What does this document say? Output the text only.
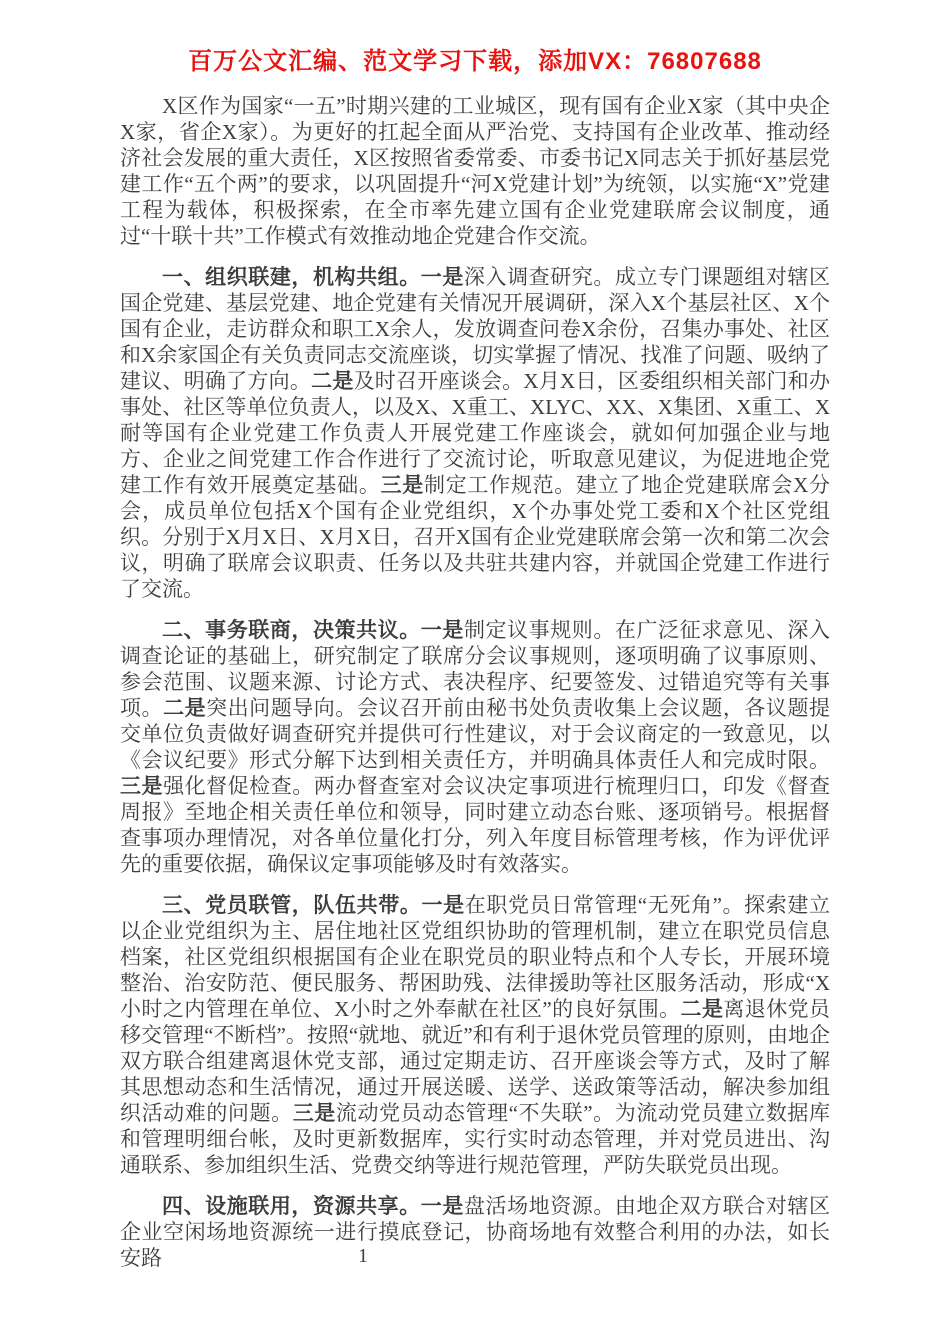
百万公文汇编、范文学习下载，添加VX：76807688

X区作为国家“一五”时期兴建的工业城区，现有国有企业X家（其中央企X家，省企X家）。为更好的扛起全面从严治党、支持国有企业改革、推动经济社会发展的重大责任，X区按照省委常委、市委书记X同志关于抓好基层党建工作“五个两”的要求，以巩固提升“河X党建计划”为统领，以实施“X”党建工程为载体，积极探索，在全市率先建立国有企业党建联席会议制度，通过“十联十共”工作模式有效推动地企党建合作交流。

一、组织联建，机构共组。一是深入调查研究。成立专门课题组对辖区国企党建、基层党建、地企党建有关情况开展调研，深入X个基层社区、X个国有企业，走访群众和职工X余人，发放调查问卷X余份，召集办事处、社区和X余家国企有关负责同志交流座谈，切实掌握了情况、找准了问题、吸纳了建议、明确了方向。二是及时召开座谈会。X月X日，区委组织相关部门和办事处、社区等单位负责人，以及X、X重工、XLYC、XX、X集团、X重工、X耐等国有企业党建工作负责人开展党建工作座谈会，就如何加强企业与地方、企业之间党建工作合作进行了交流讨论，听取意见建议，为促进地企党建工作有效开展奠定基础。三是制定工作规范。建立了地企党建联席会X分会，成员单位包括X个国有企业党组织，X个办事处党工委和X个社区党组织。分别于X月X日、X月X日，召开X国有企业党建联席会第一次和第二次会议，明确了联席会议职责、任务以及共驻共建内容，并就国企党建工作进行了交流。

二、事务联商，决策共议。一是制定议事规则。在广泛征求意见、深入调查论证的基础上，研究制定了联席分会议事规则，逐项明确了议事原则、参会范围、议题来源、讨论方式、表决程序、纪要签发、过错追究等有关事项。二是突出问题导向。会议召开前由秘书处负责收集上会议题，各议题提交单位负责做好调查研究并提供可行性建议，对于会议商定的一致意见，以《会议纪要》形式分解下达到相关责任方，并明确具体责任人和完成时限。三是强化督促检查。两办督查室对会议决定事项进行梳理归口，印发《督查周报》至地企相关责任单位和领导，同时建立动态台账、逐项销号。根据督查事项办理情况，对各单位量化打分，列入年度目标管理考核，作为评优评先的重要依据，确保议定事项能够及时有效落实。

三、党员联管，队伍共带。一是在职党员日常管理“无死角”。探索建立以企业党组织为主、居住地社区党组织协助的管理机制，建立在职党员信息档案，社区党组织根据国有企业在职党员的职业特点和个人专长，开展环境整治、治安防范、便民服务、帮困助残、法律援助等社区服务活动，形成“X小时之内管理在单位、X小时之外奉献在社区”的良好氛围。二是离退休党员移交管理“不断档”。按照“就地、就近”和有利于退休党员管理的原则，由地企双方联合组建离退休党支部，通过定期走访、召开座谈会等方式，及时了解其思想动态和生活情况，通过开展送暖、送学、送政策等活动，解决参加组织活动难的问题。三是流动党员动态管理“不失联”。为流动党员建立数据库和管理明细台帐，及时更新数据库，实行实时动态管理，并对党员进出、沟通联系、参加组织生活、党费交纳等进行规范管理，严防失联党员出现。

四、设施联用，资源共享。一是盘活场地资源。由地企双方联合对辖区企业空闲场地资源统一进行摸底登记，协商场地有效整合利用的办法，如长安路	1
